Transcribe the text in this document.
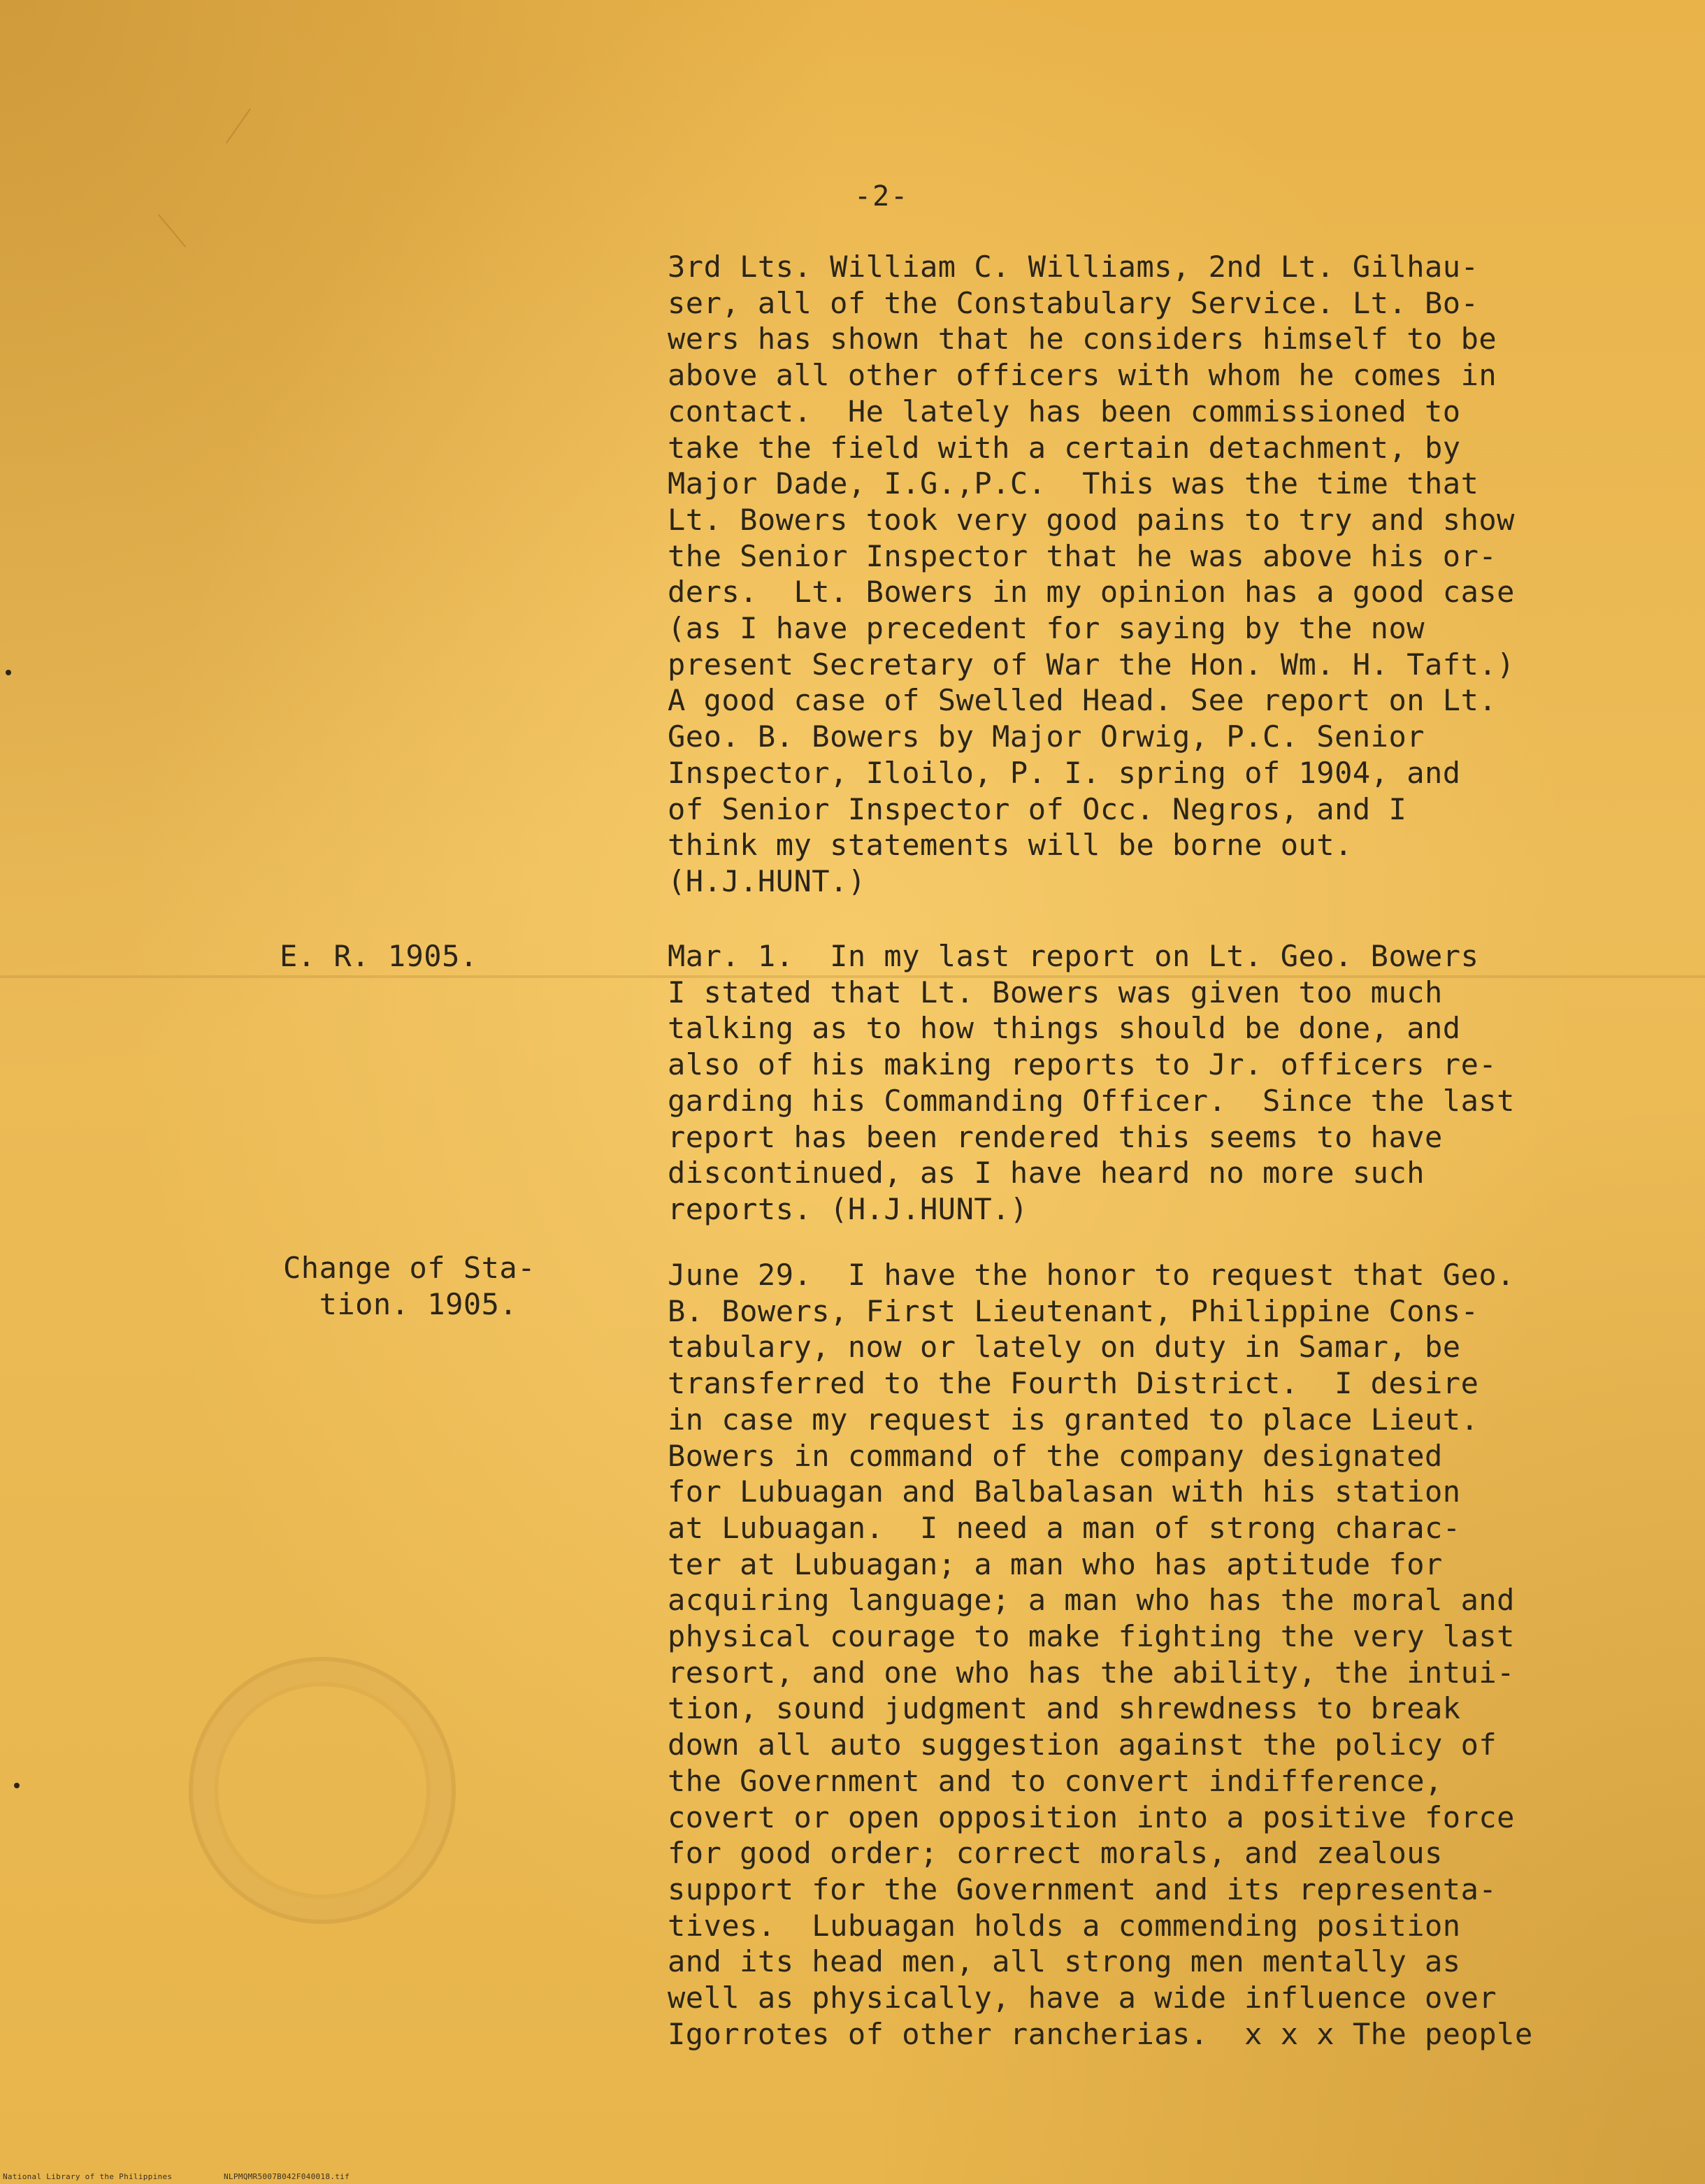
-2-
3rd Lts. William C. Williams, 2nd Lt. Gilhau-
ser, all of the Constabulary Service. Lt. Bo-
wers has shown that he considers himself to be
above all other officers with whom he comes in
contact.  He lately has been commissioned to
take the field with a certain detachment, by
Major Dade, I.G.,P.C.  This was the time that
Lt. Bowers took very good pains to try and show
the Senior Inspector that he was above his or-
ders.  Lt. Bowers in my opinion has a good case
(as I have precedent for saying by the now
present Secretary of War the Hon. Wm. H. Taft.)
A good case of Swelled Head. See report on Lt.
Geo. B. Bowers by Major Orwig, P.C. Senior
Inspector, Iloilo, P. I. spring of 1904, and
of Senior Inspector of Occ. Negros, and I
think my statements will be borne out.
(H.J.HUNT.)
E. R. 1905.	Mar. 1.  In my last report on Lt. Geo. Bowers
I stated that Lt. Bowers was given too much
talking as to how things should be done, and
also of his making reports to Jr. officers re-
garding his Commanding Officer.  Since the last
report has been rendered this seems to have
discontinued, as I have heard no more such
reports. (H.J.HUNT.)
Change of Sta-
tion. 1905.
June 29.  I have the honor to request that Geo.
B. Bowers, First Lieutenant, Philippine Cons-
tabulary, now or lately on duty in Samar, be
transferred to the Fourth District.  I desire
in case my request is granted to place Lieut.
Bowers in command of the company designated
for Lubuagan and Balbalasan with his station
at Lubuagan.  I need a man of strong charac-
ter at Lubuagan; a man who has aptitude for
acquiring language; a man who has the moral and
physical courage to make fighting the very last
resort, and one who has the ability, the intui-
tion, sound judgment and shrewdness to break
down all auto suggestion against the policy of
the Government and to convert indifference,
covert or open opposition into a positive force
for good order; correct morals, and zealous
support for the Government and its representa-
tives.  Lubuagan holds a commending position
and its head men, all strong men mentally as
well as physically, have a wide influence over
Igorrotes of other rancherias.  x x x The people
National Library of the Philippines	NLPMQMR5007B042F040018.tif
